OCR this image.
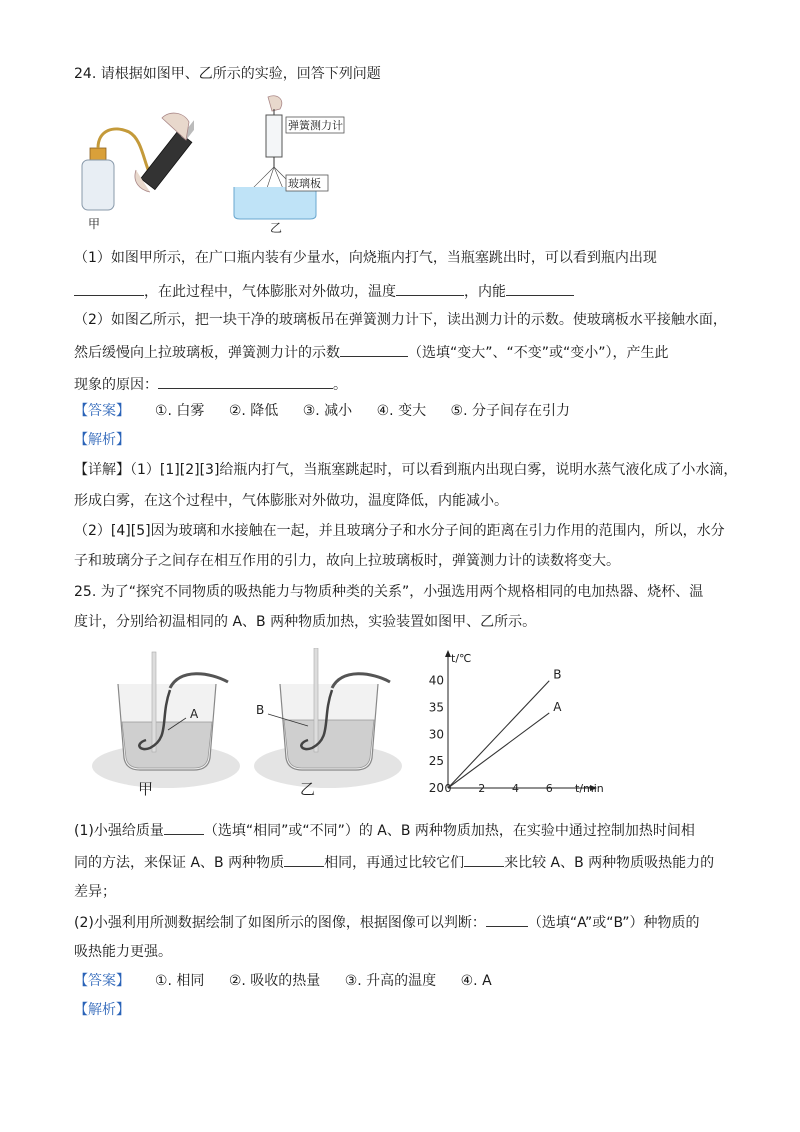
24. 请根据如图甲、乙所示的实验，回答下列问题
甲
弹簧测力计
玻璃板
乙
（1）如图甲所示，在广口瓶内装有少量水，向烧瓶内打气，当瓶塞跳出时，可以看到瓶内出现
，在此过程中，气体膨胀对外做功，温度	，内能
（2）如图乙所示，把一块干净的玻璃板吊在弹簧测力计下，读出测力计的示数。使玻璃板水平接触水面，
然后缓慢向上拉玻璃板，弹簧测力计的示数	（选填“变大”、“不变”或“变小”），产生此
现象的原因：	。
【答案】 ①. 白雾 ②. 降低 ③. 减小 ④. 变大 ⑤. 分子间存在引力
【解析】
【详解】（1）[1][2][3]给瓶内打气，当瓶塞跳起时，可以看到瓶内出现白雾，说明水蒸气液化成了小水滴，
形成白雾，在这个过程中，气体膨胀对外做功，温度降低，内能减小。
（2）[4][5]因为玻璃和水接触在一起，并且玻璃分子和水分子间的距离在引力作用的范围内，所以，水分
子和玻璃分子之间存在相互作用的引力，故向上拉玻璃板时，弹簧测力计的读数将变大。
25. 为了“探究不同物质的吸热能力与物质种类的关系”，小强选用两个规格相同的电加热器、烧杯、温
度计，分别给初温相同的 A、B 两种物质加热，实验装置如图甲、乙所示。
A
甲
B
乙
t/℃
t/min
20
25
30
35
40
0 2 4 6
B
A
(1)小强给质量	（选填“相同”或“不同”）的 A、B 两种物质加热，在实验中通过控制加热时间相
同的方法，来保证 A、B 两种物质	相同，再通过比较它们	来比较 A、B 两种物质吸热能力的
差异；
(2)小强利用所测数据绘制了如图所示的图像，根据图像可以判断：	（选填“A”或“B”）种物质的
吸热能力更强。
【答案】 ①. 相同 ②. 吸收的热量 ③. 升高的温度 ④. A
【解析】
